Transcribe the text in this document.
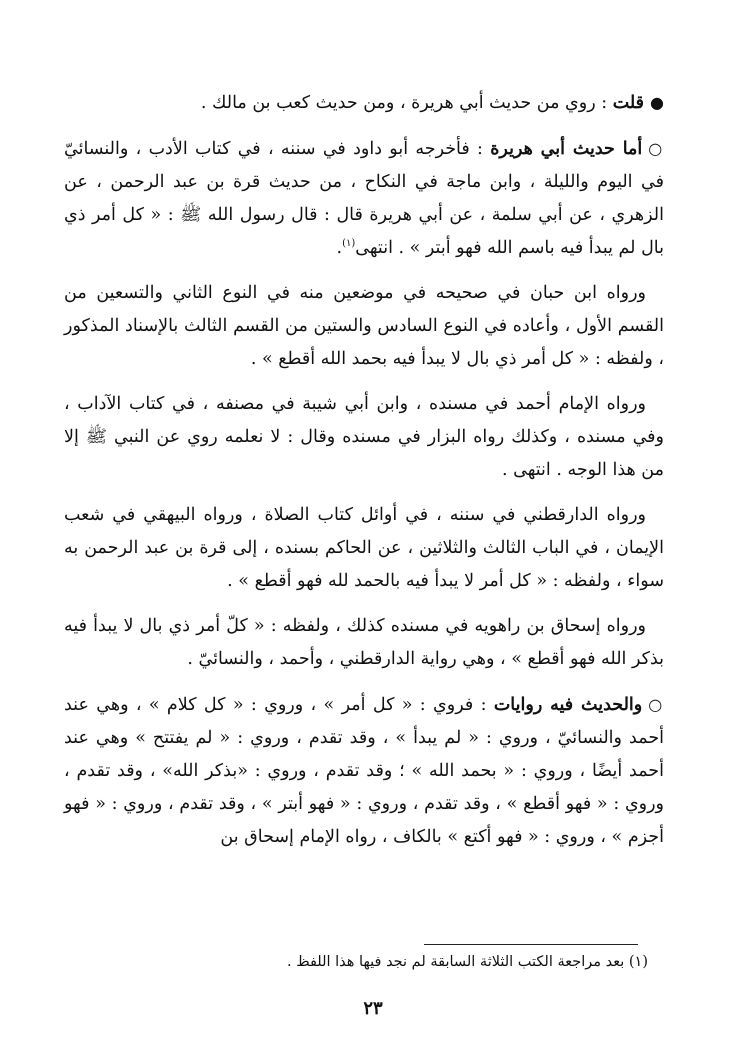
●قلت : روي من حديث أبي هريرة ، ومن حديث كعب بن مالك .

○أما حديث أبي هريرة : فأخرجه أبو داود في سننه ، في كتاب الأدب ، والنسائيّ في اليوم والليلة ، وابن ماجة في النكاح ، من حديث قرة بن عبد الرحمن ، عن الزهري ، عن أبي سلمة ، عن أبي هريرة قال : قال رسول الله ﷺ : « كل أمر ذي بال لم يبدأ فيه باسم الله فهو أبتر » . انتهى$^{(١)}$.

ورواه ابن حبان في صحيحه في موضعين منه في النوع الثاني والتسعين من القسم الأول ، وأعاده في النوع السادس والستين من القسم الثالث بالإسناد المذكور ، ولفظه : « كل أمر ذي بال لا يبدأ فيه بحمد الله أقطع » .

ورواه الإمام أحمد في مسنده ، وابن أبي شيبة في مصنفه ، في كتاب الآداب ، وفي مسنده ، وكذلك رواه البزار في مسنده وقال : لا نعلمه روي عن النبي ﷺ إلا من هذا الوجه . انتهى .

ورواه الدارقطني في سننه ، في أوائل كتاب الصلاة ، ورواه البيهقي في شعب الإيمان ، في الباب الثالث والثلاثين ، عن الحاكم بسنده ، إلى قرة بن عبد الرحمن به سواء ، ولفظه : « كل أمر لا يبدأ فيه بالحمد لله فهو أقطع » .

ورواه إسحاق بن راهويه في مسنده كذلك ، ولفظه : « كلّ أمر ذي بال لا يبدأ فيه بذكر الله فهو أقطع » ، وهي رواية الدارقطني ، وأحمد ، والنسائيّ .

○والحديث فيه روايات : فروي : « كل أمر » ، وروي : « كل كلام » ، وهي عند أحمد والنسائيّ ، وروي : « لم يبدأ » ، وقد تقدم ، وروي : « لم يفتتح » وهي عند أحمد أيضًا ، وروي : « بحمد الله » ؛ وقد تقدم ، وروي : «بذكر الله» ، وقد تقدم ، وروي : « فهو أقطع » ، وقد تقدم ، وروي : « فهو أبتر » ، وقد تقدم ، وروي : « فهو أجزم » ، وروي : « فهو أكتع » بالكاف ، رواه الإمام إسحاق بن

(١) بعد مراجعة الكتب الثلاثة السابقة لم نجد فيها هذا اللفظ .
٢٣
